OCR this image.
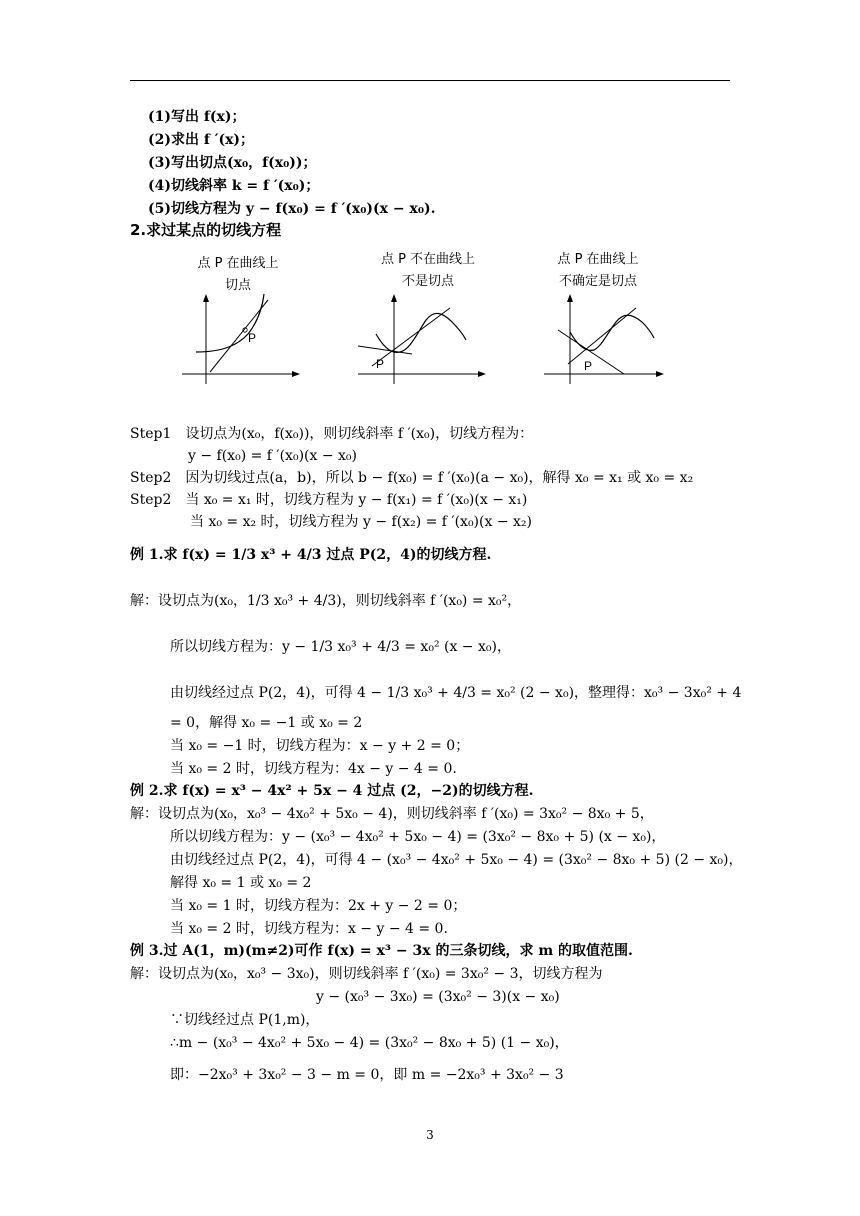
(1)写出 f(x)；
(2)求出 f ′(x)；
(3)写出切点(x₀，f(x₀))；
(4)切线斜率 k = f ′(x₀)；
(5)切线方程为 y − f(x₀) = f ′(x₀)(x − x₀).
2.求过某点的切线方程
点 P 在曲线上
切点
点 P 不在曲线上
不是切点
点 P 在曲线上
不确定是切点
P
P	P
Step1　设切点为(x₀，f(x₀))，则切线斜率 f ′(x₀)，切线方程为：
y − f(x₀) = f ′(x₀)(x − x₀)
Step2　因为切线过点(a，b)，所以 b − f(x₀) = f ′(x₀)(a − x₀)，解得 x₀ = x₁ 或 x₀ = x₂
Step2　当 x₀ = x₁ 时，切线方程为 y − f(x₁) = f ′(x₀)(x − x₁)
当 x₀ = x₂ 时，切线方程为 y − f(x₂) = f ′(x₀)(x − x₂)
例 1.求 f(x) = 1/3 x³ + 4/3 过点 P(2，4)的切线方程.
解：设切点为(x₀，1/3 x₀³ + 4/3)，则切线斜率 f ′(x₀) = x₀²，
所以切线方程为：y − 1/3 x₀³ + 4/3 = x₀² (x − x₀)，
由切线经过点 P(2，4)，可得 4 − 1/3 x₀³ + 4/3 = x₀² (2 − x₀)，整理得：x₀³ − 3x₀² + 4
= 0，解得 x₀ = −1 或 x₀ = 2
当 x₀ = −1 时，切线方程为：x − y + 2 = 0；
当 x₀ = 2 时，切线方程为：4x − y − 4 = 0.
例 2.求 f(x) = x³ − 4x² + 5x − 4 过点 (2，−2)的切线方程.
解：设切点为(x₀，x₀³ − 4x₀² + 5x₀ − 4)，则切线斜率 f ′(x₀) = 3x₀² − 8x₀ + 5，
所以切线方程为：y − (x₀³ − 4x₀² + 5x₀ − 4) = (3x₀² − 8x₀ + 5) (x − x₀)，
由切线经过点 P(2，4)，可得 4 − (x₀³ − 4x₀² + 5x₀ − 4) = (3x₀² − 8x₀ + 5) (2 − x₀)，
解得 x₀ = 1 或 x₀ = 2
当 x₀ = 1 时，切线方程为：2x + y − 2 = 0；
当 x₀ = 2 时，切线方程为：x − y − 4 = 0.
例 3.过 A(1，m)(m≠2)可作 f(x) = x³ − 3x 的三条切线，求 m 的取值范围.
解：设切点为(x₀，x₀³ − 3x₀)，则切线斜率 f ′(x₀) = 3x₀² − 3，切线方程为
y − (x₀³ − 3x₀) = (3x₀² − 3)(x − x₀)
∵切线经过点 P(1,m)，
∴m − (x₀³ − 4x₀² + 5x₀ − 4) = (3x₀² − 8x₀ + 5) (1 − x₀)，
即：−2x₀³ + 3x₀² − 3 − m = 0，即 m = −2x₀³ + 3x₀² − 3
3
